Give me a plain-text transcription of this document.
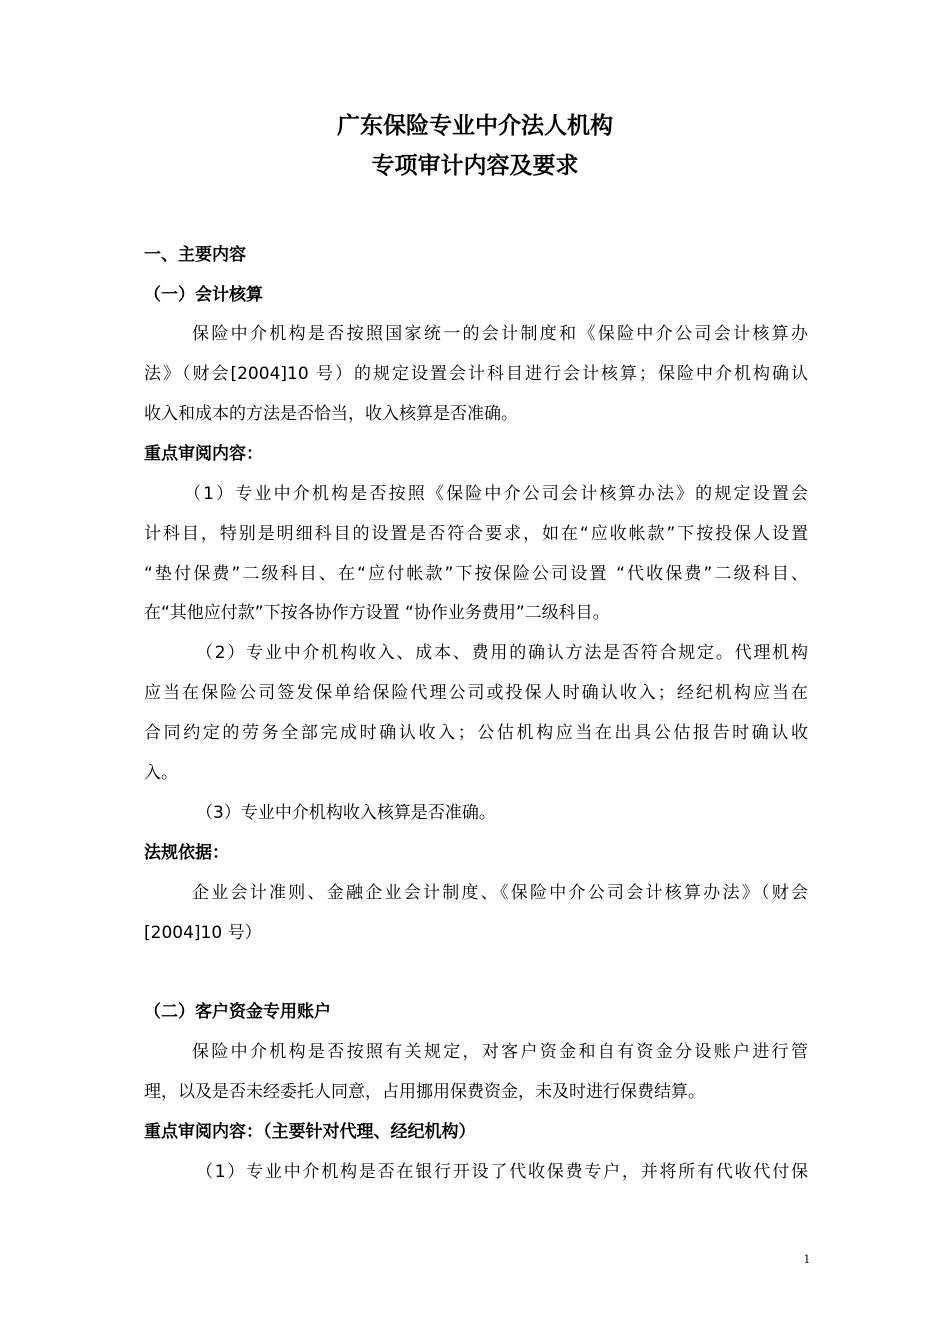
广东保险专业中介法人机构
专项审计内容及要求

一、主要内容

（一）会计核算

保险中介机构是否按照国家统一的会计制度和《保险中介公司会计核算办

法》（财会[2004]10 号）的规定设置会计科目进行会计核算；保险中介机构确认

收入和成本的方法是否恰当，收入核算是否准确。

重点审阅内容：

（1）专业中介机构是否按照《保险中介公司会计核算办法》的规定设置会

计科目，特别是明细科目的设置是否符合要求，如在“应收帐款”下按投保人设置

“垫付保费”二级科目、在“应付帐款”下按保险公司设置 “代收保费”二级科目、

在“其他应付款”下按各协作方设置 “协作业务费用”二级科目。

（2）专业中介机构收入、成本、费用的确认方法是否符合规定。代理机构

应当在保险公司签发保单给保险代理公司或投保人时确认收入；经纪机构应当在

合同约定的劳务全部完成时确认收入；公估机构应当在出具公估报告时确认收

入。

（3）专业中介机构收入核算是否准确。

法规依据：

企业会计准则、金融企业会计制度、《保险中介公司会计核算办法》（财会

[2004]10 号）

（二）客户资金专用账户

保险中介机构是否按照有关规定，对客户资金和自有资金分设账户进行管

理，以及是否未经委托人同意，占用挪用保费资金，未及时进行保费结算。

重点审阅内容：（主要针对代理、经纪机构）

（1）专业中介机构是否在银行开设了代收保费专户，并将所有代收代付保

1
